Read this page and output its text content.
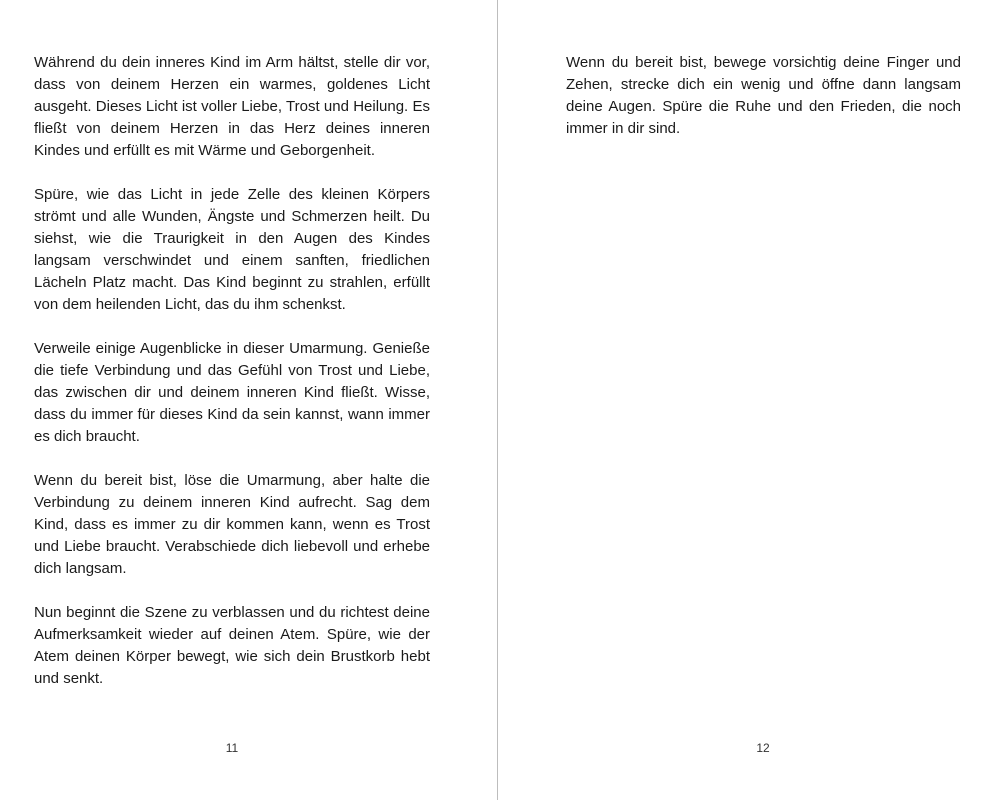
Während du dein inneres Kind im Arm hältst, stelle dir vor, dass von deinem Herzen ein warmes, goldenes Licht ausgeht. Dieses Licht ist voller Liebe, Trost und Heilung. Es fließt von deinem Herzen in das Herz deines inneren Kindes und erfüllt es mit Wärme und Geborgenheit.

Spüre, wie das Licht in jede Zelle des kleinen Körpers strömt und alle Wunden, Ängste und Schmerzen heilt. Du siehst, wie die Traurigkeit in den Augen des Kindes langsam verschwindet und einem sanften, friedlichen Lächeln Platz macht. Das Kind beginnt zu strahlen, erfüllt von dem heilenden Licht, das du ihm schenkst.

Verweile einige Augenblicke in dieser Umarmung. Genieße die tiefe Verbindung und das Gefühl von Trost und Liebe, das zwischen dir und deinem inneren Kind fließt. Wisse, dass du immer für dieses Kind da sein kannst, wann immer es dich braucht.

Wenn du bereit bist, löse die Umarmung, aber halte die Verbindung zu deinem inneren Kind aufrecht. Sag dem Kind, dass es immer zu dir kommen kann, wenn es Trost und Liebe braucht. Verabschiede dich liebevoll und erhebe dich langsam.

Nun beginnt die Szene zu verblassen und du richtest deine Aufmerksamkeit wieder auf deinen Atem. Spüre, wie der Atem deinen Körper bewegt, wie sich dein Brustkorb hebt und senkt.

11

Wenn du bereit bist, bewege vorsichtig deine Finger und Zehen, strecke dich ein wenig und öffne dann langsam deine Augen. Spüre die Ruhe und den Frieden, die noch immer in dir sind.

12
